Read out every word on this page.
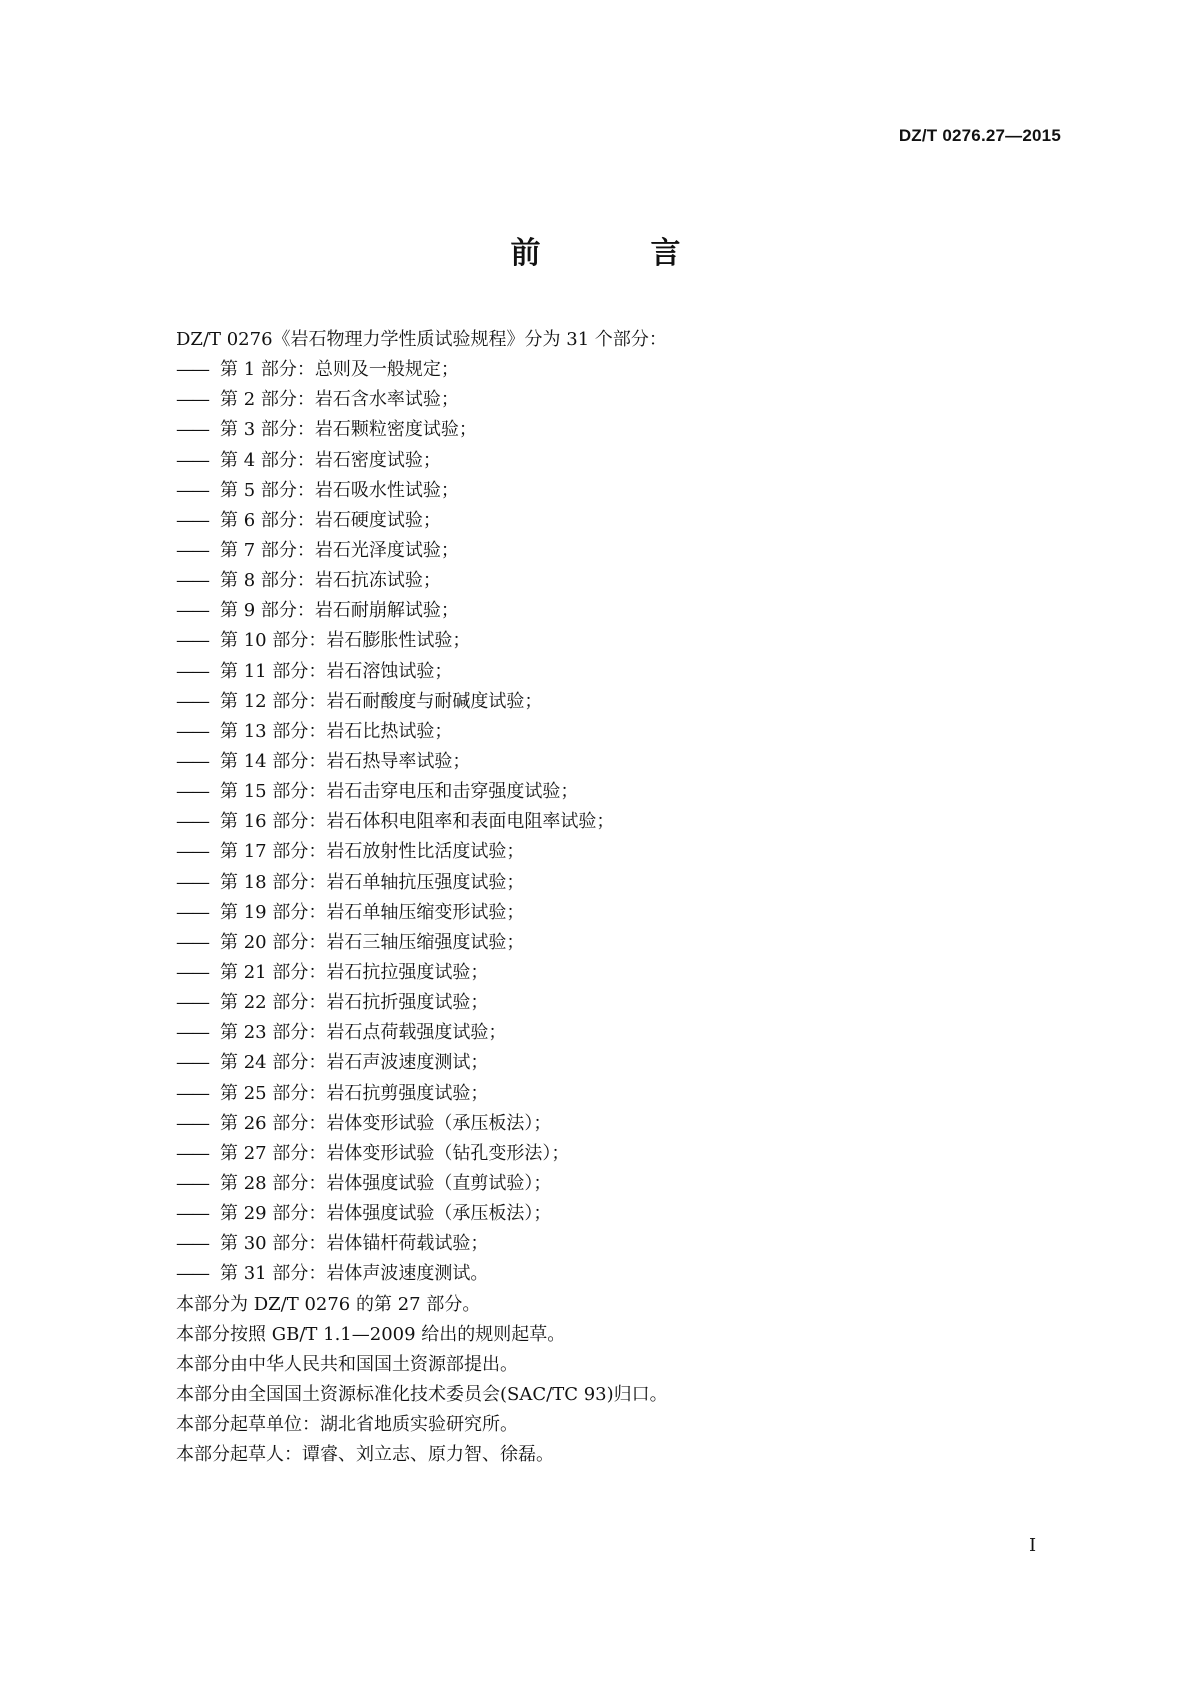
DZ/T 0276.27—2015
前　言
DZ/T 0276《岩石物理力学性质试验规程》分为 31 个部分：
—— 第 1 部分：总则及一般规定；
—— 第 2 部分：岩石含水率试验；
—— 第 3 部分：岩石颗粒密度试验；
—— 第 4 部分：岩石密度试验；
—— 第 5 部分：岩石吸水性试验；
—— 第 6 部分：岩石硬度试验；
—— 第 7 部分：岩石光泽度试验；
—— 第 8 部分：岩石抗冻试验；
—— 第 9 部分：岩石耐崩解试验；
—— 第 10 部分：岩石膨胀性试验；
—— 第 11 部分：岩石溶蚀试验；
—— 第 12 部分：岩石耐酸度与耐碱度试验；
—— 第 13 部分：岩石比热试验；
—— 第 14 部分：岩石热导率试验；
—— 第 15 部分：岩石击穿电压和击穿强度试验；
—— 第 16 部分：岩石体积电阻率和表面电阻率试验；
—— 第 17 部分：岩石放射性比活度试验；
—— 第 18 部分：岩石单轴抗压强度试验；
—— 第 19 部分：岩石单轴压缩变形试验；
—— 第 20 部分：岩石三轴压缩强度试验；
—— 第 21 部分：岩石抗拉强度试验；
—— 第 22 部分：岩石抗折强度试验；
—— 第 23 部分：岩石点荷载强度试验；
—— 第 24 部分：岩石声波速度测试；
—— 第 25 部分：岩石抗剪强度试验；
—— 第 26 部分：岩体变形试验（承压板法）；
—— 第 27 部分：岩体变形试验（钻孔变形法）；
—— 第 28 部分：岩体强度试验（直剪试验）；
—— 第 29 部分：岩体强度试验（承压板法）；
—— 第 30 部分：岩体锚杆荷载试验；
—— 第 31 部分：岩体声波速度测试。
本部分为 DZ/T 0276 的第 27 部分。
本部分按照 GB/T 1.1—2009 给出的规则起草。
本部分由中华人民共和国国土资源部提出。
本部分由全国国土资源标准化技术委员会(SAC/TC 93)归口。
本部分起草单位：湖北省地质实验研究所。
本部分起草人：谭睿、刘立志、原力智、徐磊。
I
